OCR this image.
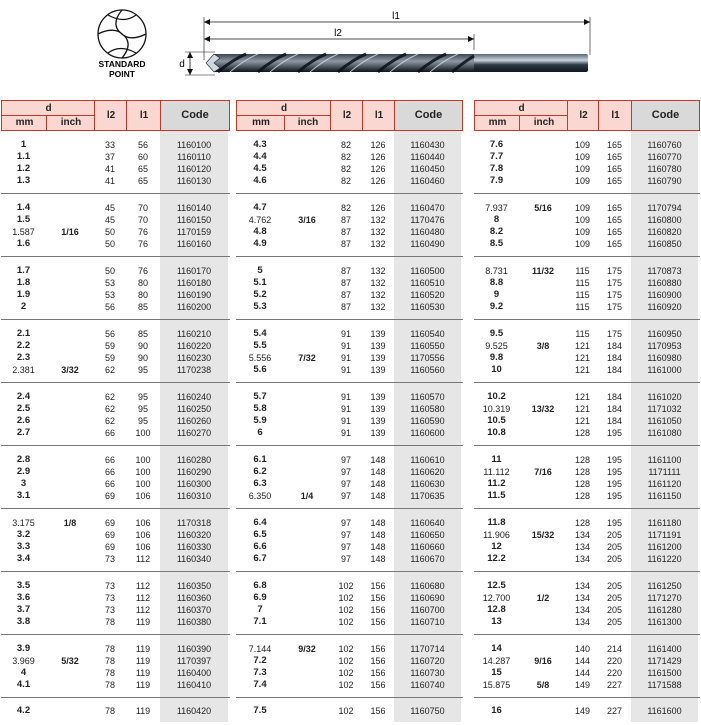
STANDARD
POINT
l1
l2
d
d
mm	inch
l2	l1	Code
1	33	56	1160100
1.1	37	60	1160110
1.2	41	65	1160120
1.3	41	65	1160130
1.4	45	70	1160140
1.5	45	70	1160150
1.587	1/16	50	76	1170159
1.6	50	76	1160160
1.7	50	76	1160170
1.8	53	80	1160180
1.9	53	80	1160190
2	56	85	1160200
2.1	56	85	1160210
2.2	59	90	1160220
2.3	59	90	1160230
2.381	3/32	62	95	1170238
2.4	62	95	1160240
2.5	62	95	1160250
2.6	62	95	1160260
2.7	66	100	1160270
2.8	66	100	1160280
2.9	66	100	1160290
3	66	100	1160300
3.1	69	106	1160310
3.175	1/8	69	106	1170318
3.2	69	106	1160320
3.3	69	106	1160330
3.4	73	112	1160340
3.5	73	112	1160350
3.6	73	112	1160360
3.7	73	112	1160370
3.8	78	119	1160380
3.9	78	119	1160390
3.969	5/32	78	119	1170397
4	78	119	1160400
4.1	78	119	1160410
4.2	78	119	1160420
d
mm	inch
l2	l1	Code
4.3	82	126	1160430
4.4	82	126	1160440
4.5	82	126	1160450
4.6	82	126	1160460
4.7	82	126	1160470
4.762	3/16	87	132	1170476
4.8	87	132	1160480
4.9	87	132	1160490
5	87	132	1160500
5.1	87	132	1160510
5.2	87	132	1160520
5.3	87	132	1160530
5.4	91	139	1160540
5.5	91	139	1160550
5.556	7/32	91	139	1170556
5.6	91	139	1160560
5.7	91	139	1160570
5.8	91	139	1160580
5.9	91	139	1160590
6	91	139	1160600
6.1	97	148	1160610
6.2	97	148	1160620
6.3	97	148	1160630
6.350	1/4	97	148	1170635
6.4	97	148	1160640
6.5	97	148	1160650
6.6	97	148	1160660
6.7	97	148	1160670
6.8	102	156	1160680
6.9	102	156	1160690
7	102	156	1160700
7.1	102	156	1160710
7.144	9/32	102	156	1170714
7.2	102	156	1160720
7.3	102	156	1160730
7.4	102	156	1160740
7.5	102	156	1160750
d
mm	inch
l2	l1	Code
7.6	109	165	1160760
7.7	109	165	1160770
7.8	109	165	1160780
7.9	109	165	1160790
7.937	5/16	109	165	1170794
8	109	165	1160800
8.2	109	165	1160820
8.5	109	165	1160850
8.731	11/32	115	175	1170873
8.8	115	175	1160880
9	115	175	1160900
9.2	115	175	1160920
9.5	115	175	1160950
9.525	3/8	121	184	1170953
9.8	121	184	1160980
10	121	184	1161000
10.2	121	184	1161020
10.319	13/32	121	184	1171032
10.5	121	184	1161050
10.8	128	195	1161080
11	128	195	1161100
11.112	7/16	128	195	1171111
11.2	128	195	1161120
11.5	128	195	1161150
11.8	128	195	1161180
11.906	15/32	134	205	1171191
12	134	205	1161200
12.2	134	205	1161220
12.5	134	205	1161250
12.700	1/2	134	205	1171270
12.8	134	205	1161280
13	134	205	1161300
14	140	214	1161400
14.287	9/16	144	220	1171429
15	144	220	1161500
15.875	5/8	149	227	1171588
16	149	227	1161600
